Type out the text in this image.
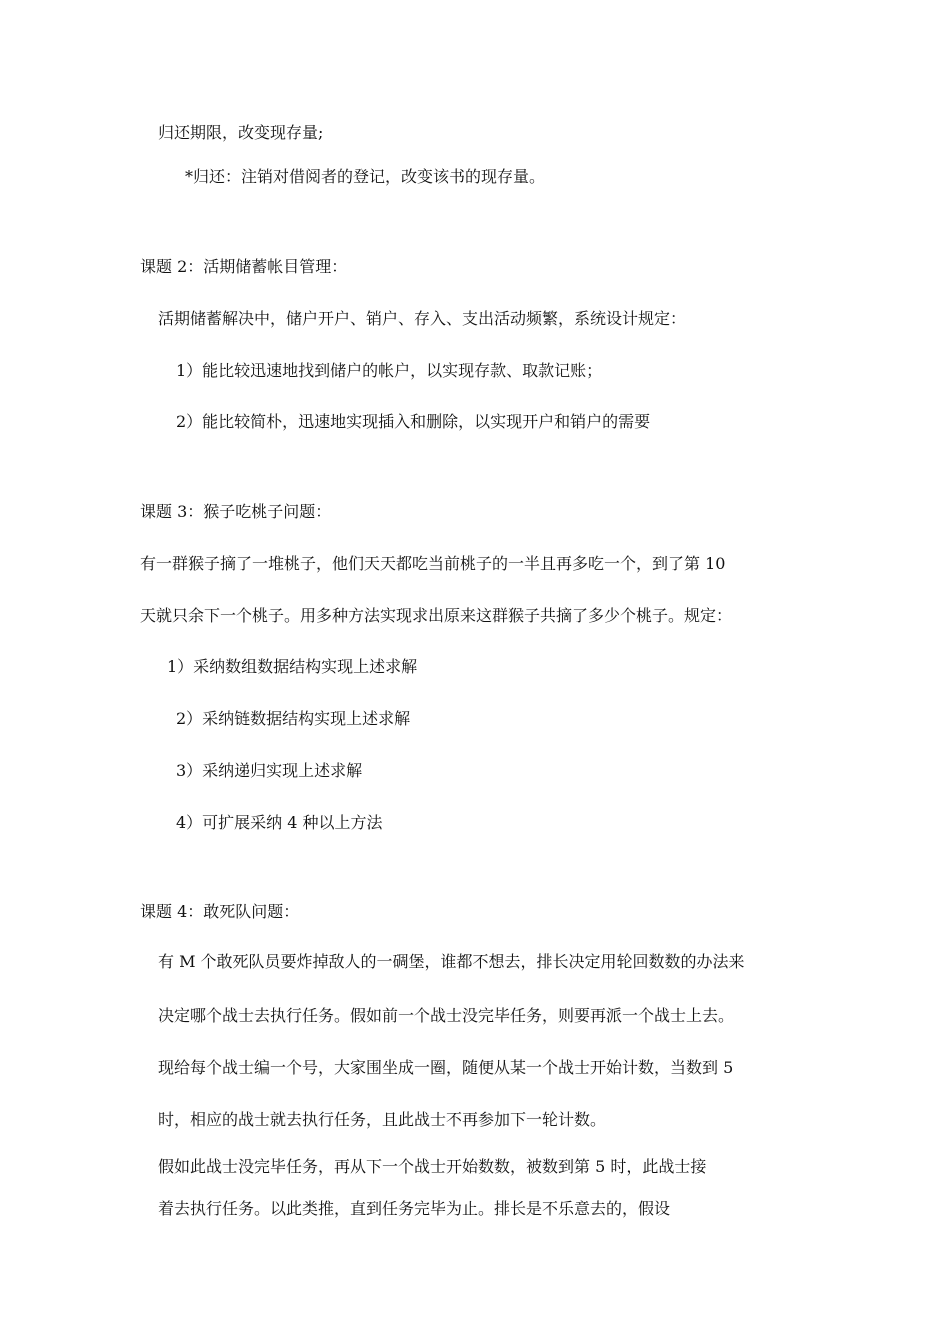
归还期限，改变现存量;
*归还：注销对借阅者的登记，改变该书的现存量。
课题 2：活期储蓄帐目管理：
活期储蓄解决中，储户开户、销户、存入、支出活动频繁，系统设计规定：
1）能比较迅速地找到储户的帐户，以实现存款、取款记账；
2）能比较简朴，迅速地实现插入和删除，以实现开户和销户的需要
课题 3：猴子吃桃子问题：
有一群猴子摘了一堆桃子，他们天天都吃当前桃子的一半且再多吃一个，到了第 10
天就只余下一个桃子。用多种方法实现求出原来这群猴子共摘了多少个桃子。规定：
1）采纳数组数据结构实现上述求解
2）采纳链数据结构实现上述求解
3）采纳递归实现上述求解
4）可扩展采纳 4 种以上方法
课题 4：敢死队问题：
有 M 个敢死队员要炸掉敌人的一碉堡，谁都不想去，排长决定用轮回数数的办法来
决定哪个战士去执行任务。假如前一个战士没完毕任务，则要再派一个战士上去。
现给每个战士编一个号，大家围坐成一圈，随便从某一个战士开始计数，当数到 5
时，相应的战士就去执行任务，且此战士不再参加下一轮计数。
假如此战士没完毕任务，再从下一个战士开始数数，被数到第 5 时，此战士接
着去执行任务。以此类推，直到任务完毕为止。排长是不乐意去的，假设
